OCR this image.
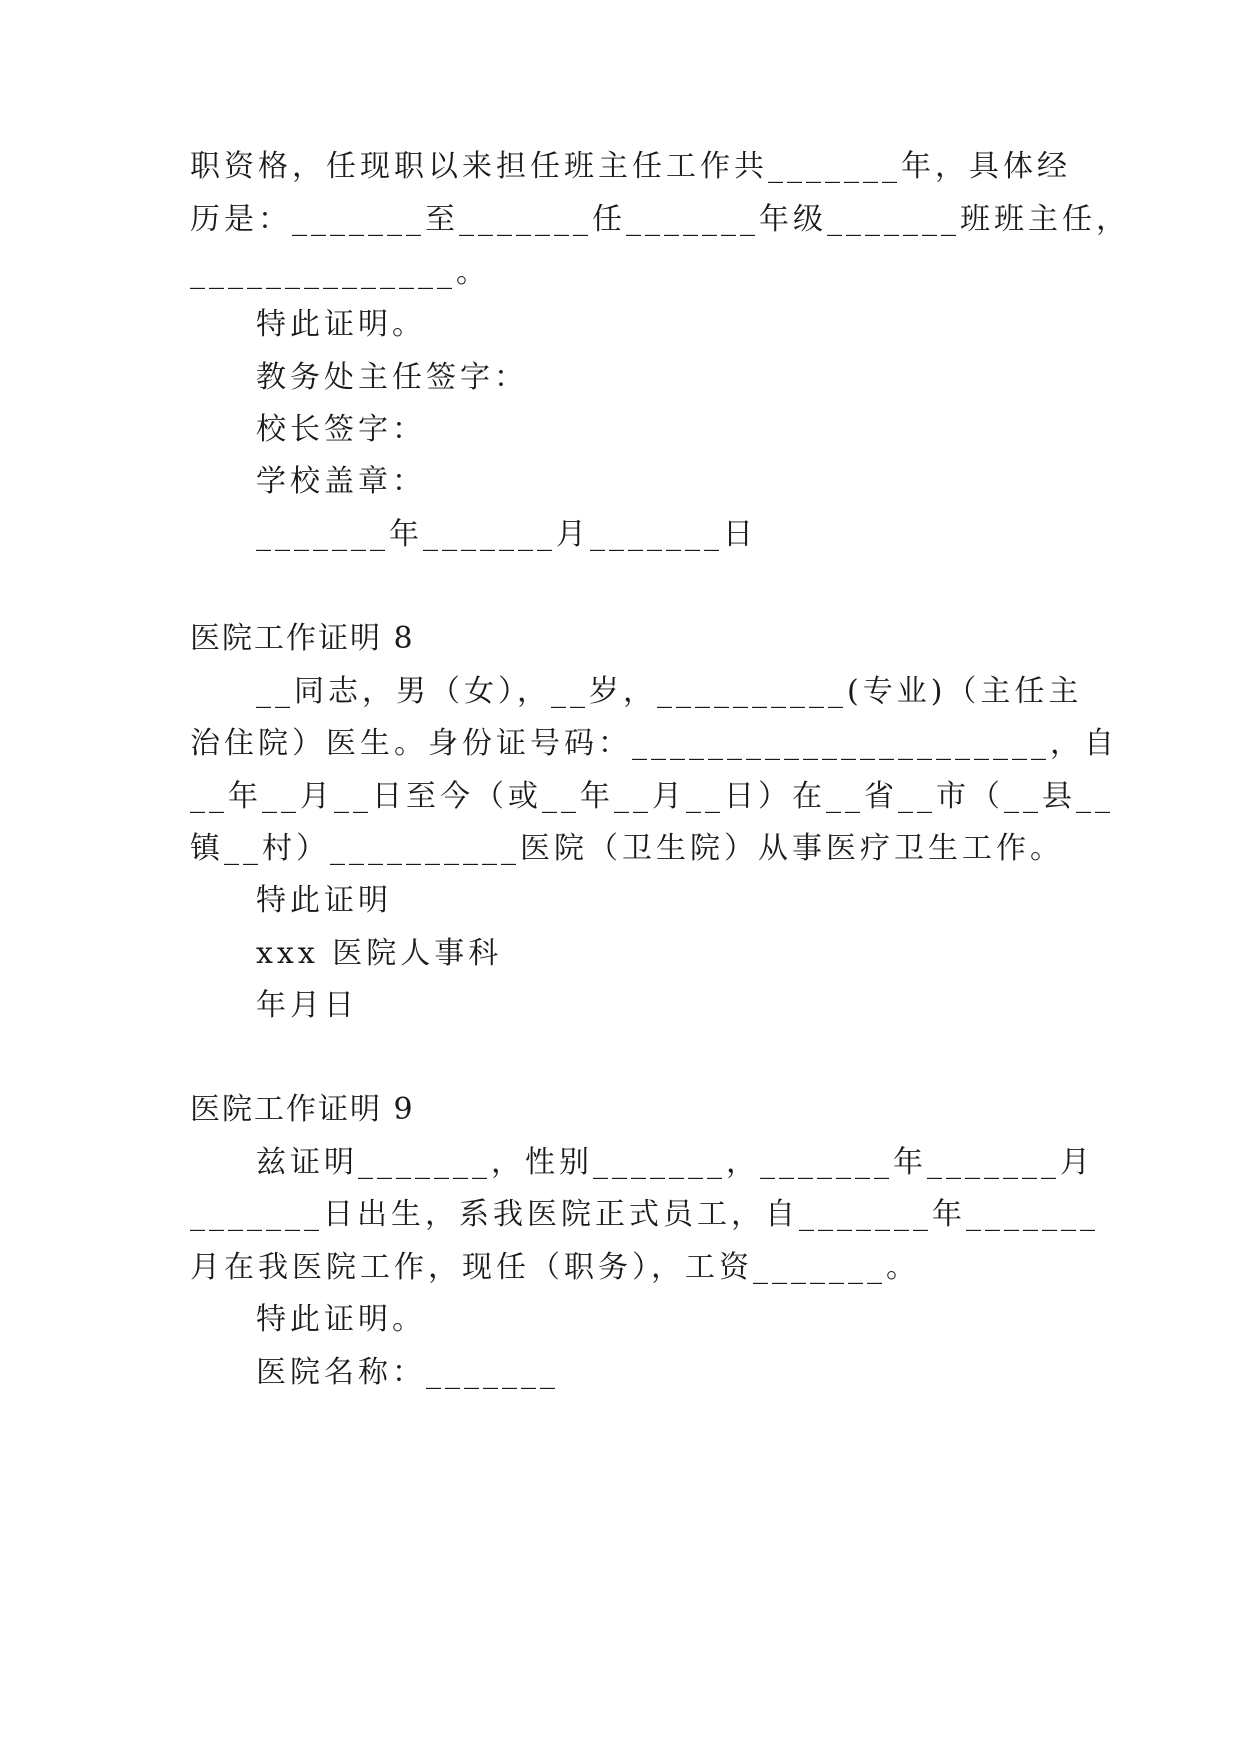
职资格，任现职以来担任班主任工作共_______年，具体经

历是：_______至_______任_______年级_______班班主任，

______________。

特此证明。

教务处主任签字：

校长签字：

学校盖章：

_______年_______月_______日

医院工作证明 8

__同志，男（女），__岁，__________(专业)（主任主

治住院）医生。身份证号码：______________________，自

__年__月__日至今（或__年__月__日）在__省__市（__县__

镇__村）__________医院（卫生院）从事医疗卫生工作。

特此证明

xxx 医院人事科

年月日

医院工作证明 9

兹证明_______，性别_______，_______年_______月

_______日出生，系我医院正式员工，自_______年_______

月在我医院工作，现任（职务），工资_______。

特此证明。

医院名称：_______
